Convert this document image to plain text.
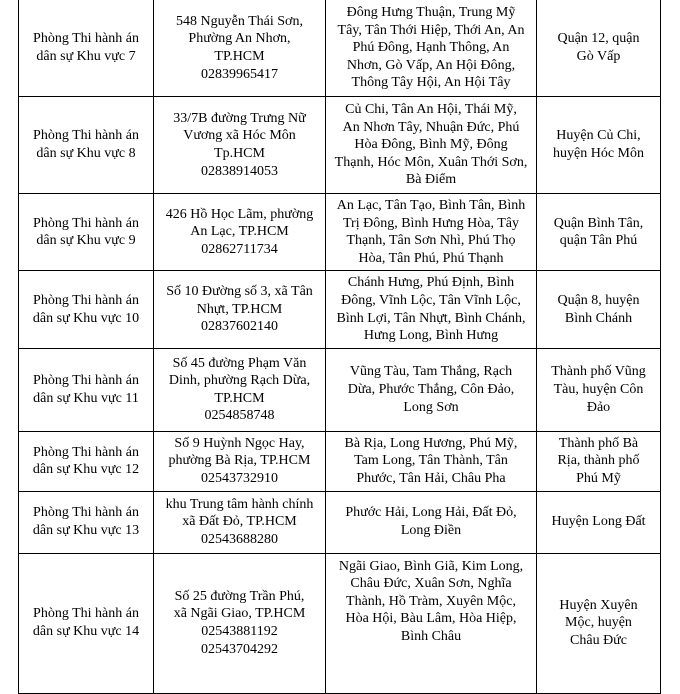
Phòng Thi hành án
dân sự Khu vực 7	548 Nguyễn Thái Sơn,
Phường An Nhơn,
TP.HCM
02839965417	Đông Hưng Thuận, Trung Mỹ
Tây, Tân Thới Hiệp, Thới An, An
Phú Đông, Hạnh Thông, An
Nhơn, Gò Vấp, An Hội Đông,
Thông Tây Hội, An Hội Tây	Quận 12, quận
Gò Vấp

Phòng Thi hành án
dân sự Khu vực 8	33/7B đường Trưng Nữ
Vương xã Hóc Môn
Tp.HCM
02838914053	Củ Chi, Tân An Hội, Thái Mỹ,
An Nhơn Tây, Nhuận Đức, Phú
Hòa Đông, Bình Mỹ, Đông
Thạnh, Hóc Môn, Xuân Thới Sơn,
Bà Điểm	Huyện Củ Chi,
huyện Hóc Môn

Phòng Thi hành án
dân sự Khu vực 9	426 Hồ Học Lãm, phường
An Lạc, TP.HCM
02862711734	An Lạc, Tân Tạo, Bình Tân, Bình
Trị Đông, Bình Hưng Hòa, Tây
Thạnh, Tân Sơn Nhì, Phú Thọ
Hòa, Tân Phú, Phú Thạnh	Quận Bình Tân,
quận Tân Phú

Phòng Thi hành án
dân sự Khu vực 10	Số 10 Đường số 3, xã Tân
Nhựt, TP.HCM
02837602140	Chánh Hưng, Phú Định, Bình
Đông, Vĩnh Lộc, Tân Vĩnh Lộc,
Bình Lợi, Tân Nhựt, Bình Chánh,
Hưng Long, Bình Hưng	Quận 8, huyện
Bình Chánh

Phòng Thi hành án
dân sự Khu vực 11	Số 45 đường Phạm Văn
Dinh, phường Rạch Dừa,
TP.HCM
0254858748	Vũng Tàu, Tam Thắng, Rạch
Dừa, Phước Thắng, Côn Đảo,
Long Sơn	Thành phố Vũng
Tàu, huyện Côn
Đảo

Phòng Thi hành án
dân sự Khu vực 12	Số 9 Huỳnh Ngọc Hay,
phường Bà Rịa, TP.HCM
02543732910	Bà Rịa, Long Hương, Phú Mỹ,
Tam Long, Tân Thành, Tân
Phước, Tân Hải, Châu Pha	Thành phố Bà
Rịa, thành phố
Phú Mỹ

Phòng Thi hành án
dân sự Khu vực 13	khu Trung tâm hành chính
xã Đất Đỏ, TP.HCM
02543688280	Phước Hải, Long Hải, Đất Đỏ,
Long Điền	Huyện Long Đất

Phòng Thi hành án
dân sự Khu vực 14	Số 25 đường Trần Phú,
xã Ngãi Giao, TP.HCM
02543881192
02543704292	Ngãi Giao, Bình Giã, Kim Long,
Châu Đức, Xuân Sơn, Nghĩa
Thành, Hồ Tràm, Xuyên Mộc,
Hòa Hội, Bàu Lâm, Hòa Hiệp,
Bình Châu	Huyện Xuyên
Mộc, huyện
Châu Đức
